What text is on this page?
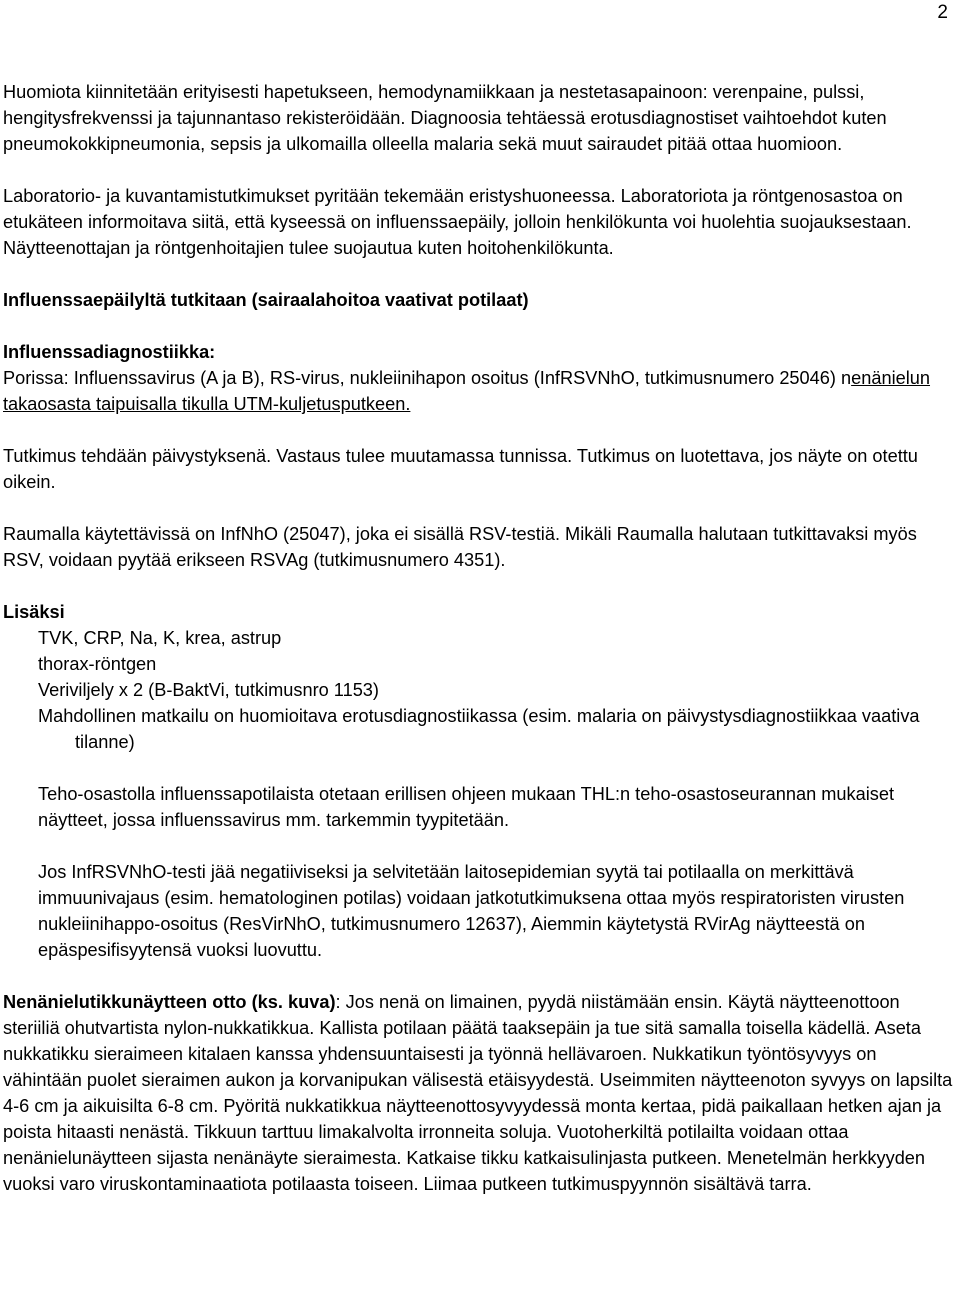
2

Huomiota kiinnitetään erityisesti hapetukseen, hemodynamiikkaan ja nestetasapainoon: verenpaine, pulssi, hengitysfrekvenssi ja tajunnantaso rekisteröidään. Diagnoosia tehtäessä erotusdiagnostiset vaihtoehdot kuten pneumokokkipneumonia, sepsis ja ulkomailla olleella malaria sekä muut sairaudet pitää ottaa huomioon.

Laboratorio- ja kuvantamistutkimukset pyritään tekemään eristyshuoneessa. Laboratoriota ja röntgenosastoa on etukäteen informoitava siitä, että kyseessä on influenssaepäily, jolloin henkilökunta voi huolehtia suojauksestaan. Näytteenottajan ja röntgenhoitajien tulee suojautua kuten hoitohenkilökunta.

Influenssaepäilyltä tutkitaan (sairaalahoitoa vaativat potilaat)

Influenssadiagnostiikka:

Porissa: Influenssavirus (A ja B), RS-virus, nukleiinihapon osoitus (InfRSVNhO, tutkimusnumero 25046) nenänielun takaosasta taipuisalla tikulla UTM-kuljetusputkeen.

Tutkimus tehdään päivystyksenä. Vastaus tulee muutamassa tunnissa. Tutkimus on luotettava, jos näyte on otettu oikein.

Raumalla käytettävissä on InfNhO (25047), joka ei sisällä RSV-testiä. Mikäli Raumalla halutaan tutkittavaksi myös RSV, voidaan pyytää erikseen RSVAg (tutkimusnumero 4351).

Lisäksi

TVK, CRP, Na, K, krea, astrup

thorax-röntgen

Veriviljely x 2 (B-BaktVi, tutkimusnro 1153)

Mahdollinen matkailu on huomioitava erotusdiagnostiikassa (esim. malaria on päivystysdiagnostiikkaa vaativa tilanne)

Teho-osastolla influenssapotilaista otetaan erillisen ohjeen mukaan THL:n teho-osastoseurannan mukaiset näytteet, jossa influenssavirus mm. tarkemmin tyypitetään.

Jos InfRSVNhO-testi jää negatiiviseksi ja selvitetään laitosepidemian syytä tai potilaalla on merkittävä immuunivajaus (esim. hematologinen potilas) voidaan jatkotutkimuksena ottaa myös respiratoristen virusten nukleiinihappo-osoitus (ResVirNhO, tutkimusnumero 12637), Aiemmin käytetystä RVirAg näytteestä on epäspesifisyytensä vuoksi luovuttu.

Nenänielutikkunäytteen otto (ks. kuva): Jos nenä on limainen, pyydä niistämään ensin. Käytä näytteenottoon steriiliä ohutvartista nylon-nukkatikkua. Kallista potilaan päätä taaksepäin ja tue sitä samalla toisella kädellä. Aseta nukkatikku sieraimeen kitalaen kanssa yhdensuuntaisesti ja työnnä hellävaroen. Nukkatikun työntösyvyys on vähintään puolet sieraimen aukon ja korvanipukan välisestä etäisyydestä. Useimmiten näytteenoton syvyys on lapsilta 4-6 cm ja aikuisilta 6-8 cm. Pyöritä nukkatikkua näytteenottosyvyydessä monta kertaa, pidä paikallaan hetken ajan ja poista hitaasti nenästä. Tikkuun tarttuu limakalvolta irronneita soluja. Vuotoherkiltä potilailta voidaan ottaa nenänielunäytteen sijasta nenänäyte sieraimesta. Katkaise tikku katkaisulinjasta putkeen. Menetelmän herkkyyden vuoksi varo viruskontaminaatiota potilaasta toiseen. Liimaa putkeen tutkimuspyynnön sisältävä tarra.
